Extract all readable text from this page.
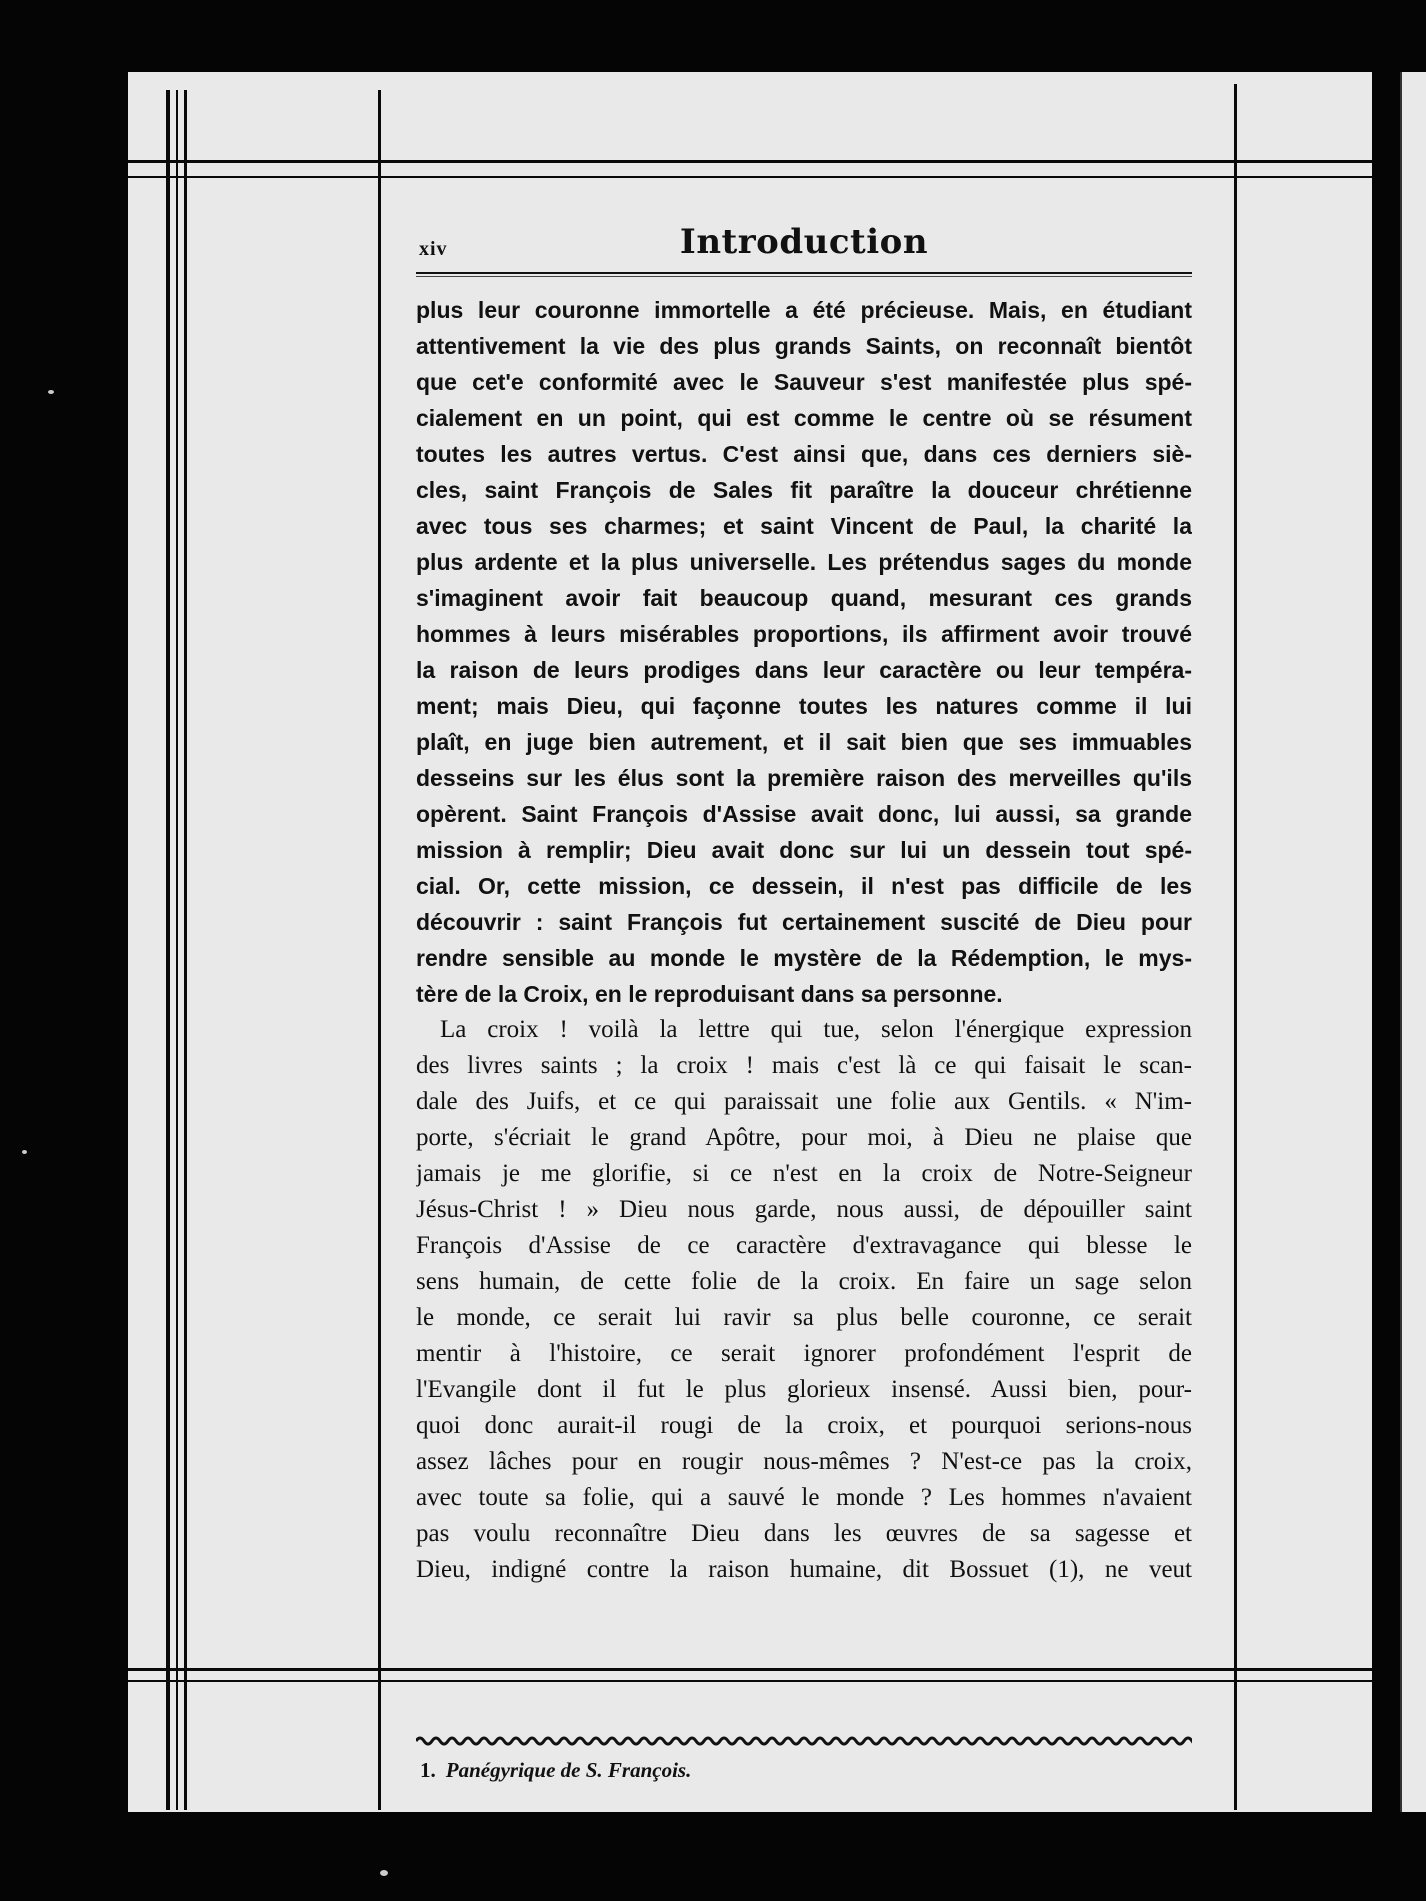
xiv	Introduction
plus leur couronne immortelle a été précieuse. Mais, en étudiant
attentivement la vie des plus grands Saints, on reconnaît bientôt
que cet'e conformité avec le Sauveur s'est manifestée plus spé-
cialement en un point, qui est comme le centre où se résument
toutes les autres vertus. C'est ainsi que, dans ces derniers siè-
cles, saint François de Sales fit paraître la douceur chrétienne
avec tous ses charmes; et saint Vincent de Paul, la charité la
plus ardente et la plus universelle. Les prétendus sages du monde
s'imaginent avoir fait beaucoup quand, mesurant ces grands
hommes à leurs misérables proportions, ils affirment avoir trouvé
la raison de leurs prodiges dans leur caractère ou leur tempéra-
ment; mais Dieu, qui façonne toutes les natures comme il lui
plaît, en juge bien autrement, et il sait bien que ses immuables
desseins sur les élus sont la première raison des merveilles qu'ils
opèrent. Saint François d'Assise avait donc, lui aussi, sa grande
mission à remplir; Dieu avait donc sur lui un dessein tout spé-
cial. Or, cette mission, ce dessein, il n'est pas difficile de les
découvrir : saint François fut certainement suscité de Dieu pour
rendre sensible au monde le mystère de la Rédemption, le mys-
tère de la Croix, en le reproduisant dans sa personne.
La croix ! voilà la lettre qui tue, selon l'énergique expression
des livres saints ; la croix ! mais c'est là ce qui faisait le scan-
dale des Juifs, et ce qui paraissait une folie aux Gentils. « N'im-
porte, s'écriait le grand Apôtre, pour moi, à Dieu ne plaise que
jamais je me glorifie, si ce n'est en la croix de Notre-Seigneur
Jésus-Christ ! » Dieu nous garde, nous aussi, de dépouiller saint
François d'Assise de ce caractère d'extravagance qui blesse le
sens humain, de cette folie de la croix. En faire un sage selon
le monde, ce serait lui ravir sa plus belle couronne, ce serait
mentir à l'histoire, ce serait ignorer profondément l'esprit de
l'Evangile dont il fut le plus glorieux insensé. Aussi bien, pour-
quoi donc aurait-il rougi de la croix, et pourquoi serions-nous
assez lâches pour en rougir nous-mêmes ? N'est-ce pas la croix,
avec toute sa folie, qui a sauvé le monde ? Les hommes n'avaient
pas voulu reconnaître Dieu dans les œuvres de sa sagesse et
Dieu, indigné contre la raison humaine, dit Bossuet (1), ne veut
1. Panégyrique de S. François.
